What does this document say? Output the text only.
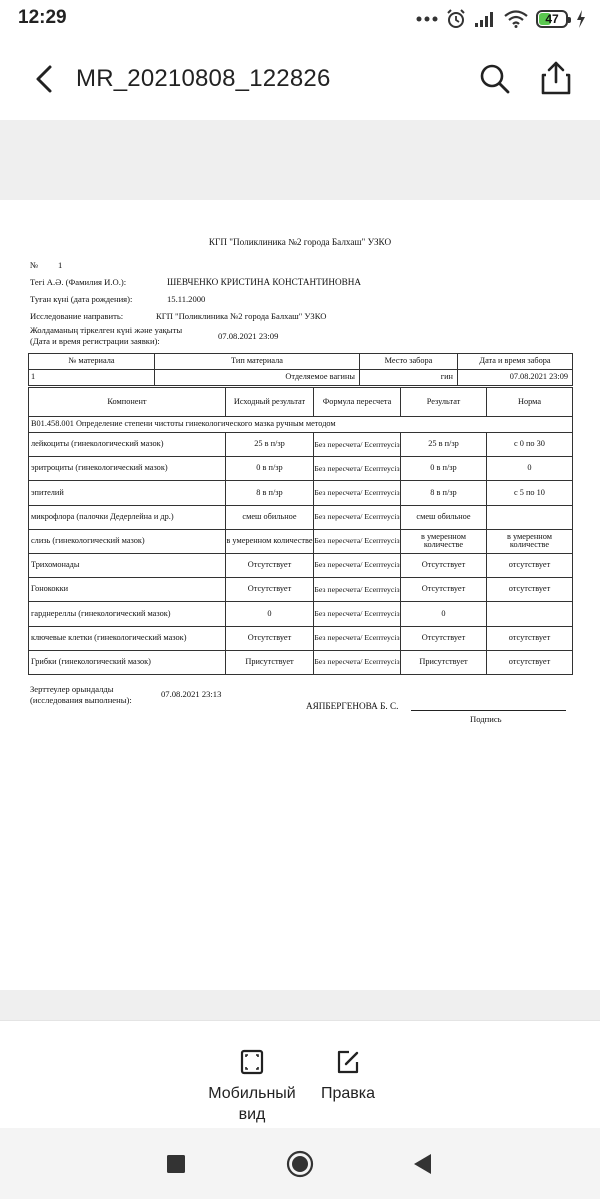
12:29	47
MR_20210808_122826
КГП "Поликлиника №2 города Балхаш" УЗКО
№ 1
Тегі А.Ә. (Фамилия И.О.):	ШЕВЧЕНКО КРИСТИНА КОНСТАНТИНОВНА
Туған күні (дата рождения):	15.11.2000
Исследование направить:	КГП "Поликлиника №2 города Балхаш" УЗКО
Жолдаманың тіркелген күні және уақыты
(Дата и время регистрации заявки):	07.08.2021 23:09
№ материала	Тип материала	Место забора	Дата и время забора
1	Отделяемое вагины	гин	07.08.2021 23:09
Компонент	Исходный результат	Формула пересчета	Результат	Норма
B01.458.001 Определение степени чистоты гинекологического мазка ручным методом				
лейкоциты (гинекологический мазок)	25 в п/зр	Без пересчета/ Есептеусіз	25 в п/зр	с 0 по 30
эритроциты (гинекологический мазок)	0 в п/зр	Без пересчета/ Есептеусіз	0 в п/зр	0
эпителий	8 в п/зр	Без пересчета/ Есептеусіз	8 в п/зр	с 5 по 10
микрофлора (палочки Дедерлейна и др.)	смеш обильное	Без пересчета/ Есептеусіз	смеш обильное	
слизь (гинекологический мазок)	в умеренном количестве	Без пересчета/ Есептеусіз	в умеренном количестве	в умеренном количестве
Трихомонады	Отсутствует	Без пересчета/ Есептеусіз	Отсутствует	отсутствует
Гонококки	Отсутствует	Без пересчета/ Есептеусіз	Отсутствует	отсутствует
гарднереллы (гинекологический мазок)	0	Без пересчета/ Есептеусіз	0	
ключевые клетки (гинекологический мазок)	Отсутствует	Без пересчета/ Есептеусіз	Отсутствует	отсутствует
Грибки (гинекологический мазок)	Присутствует	Без пересчета/ Есептеусіз	Присутствует	отсутствует
Зерттеулер орындалды
(исследования выполнены):
07.08.2021 23:13
АЯПБЕРГЕНОВА Б. С.
Подпись
Мобильный
вид
Правка
